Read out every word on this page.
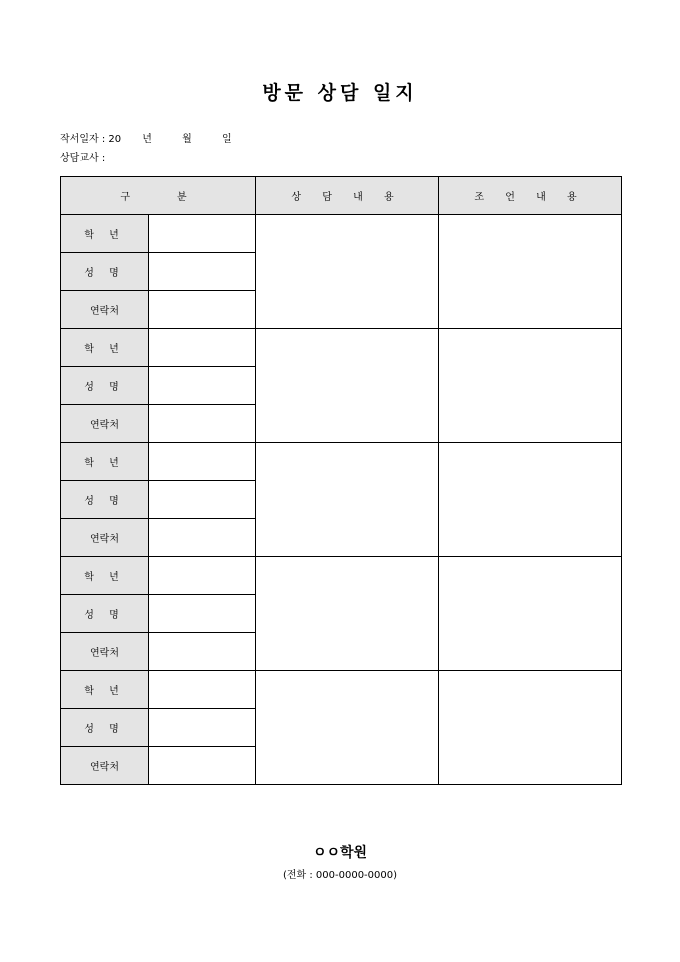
방문 상담 일지
작서일자 : 20 년	월	일
상담교사 :
구　　분		상 담 내 용	조 언 내 용
학 년			
성 명			
연락처			
학 년			
성 명			
연락처			
학 년			
성 명			
연락처			
학 년			
성 명			
연락처			
학 년			
성 명			
연락처			
ㅇㅇ학원
(전화 : 000-0000-0000)
